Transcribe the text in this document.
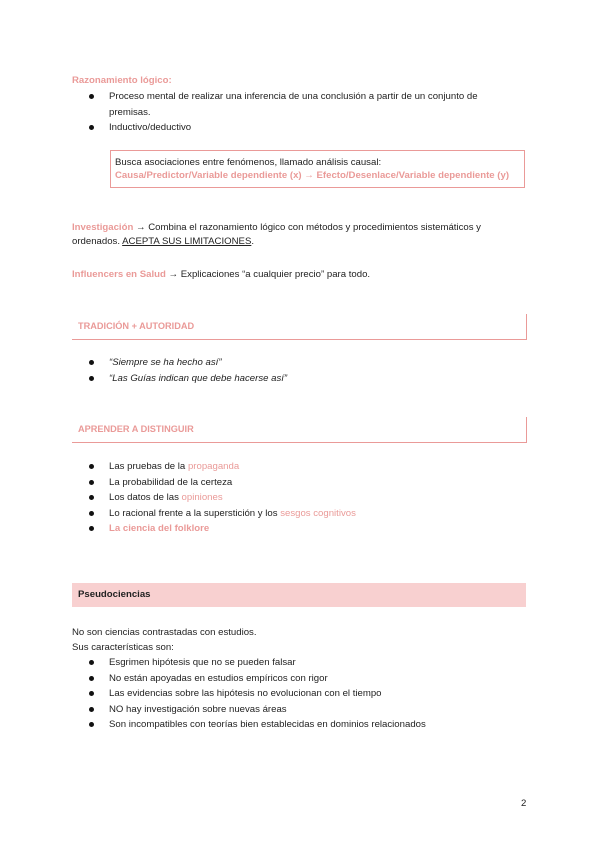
Razonamiento lógico:
Proceso mental de realizar una inferencia de una conclusión a partir de un conjunto de
premisas.
Inductivo/deductivo
Busca asociaciones entre fenómenos, llamado análisis causal:
Causa/Predictor/Variable dependiente (x) → Efecto/Desenlace/Variable dependiente (y)
Investigación → Combina el razonamiento lógico con métodos y procedimientos sistemáticos y
ordenados. ACEPTA SUS LIMITACIONES.
Influencers en Salud → Explicaciones “a cualquier precio” para todo.
TRADICIÓN + AUTORIDAD
“Siempre se ha hecho así”
“Las Guías indican que debe hacerse así”
APRENDER A DISTINGUIR
Las pruebas de la propaganda
La probabilidad de la certeza
Los datos de las opiniones
Lo racional frente a la superstición y los sesgos cognitivos
La ciencia del folklore
Pseudociencias
No son ciencias contrastadas con estudios.
Sus características son:
Esgrimen hipótesis que no se pueden falsar
No están apoyadas en estudios empíricos con rigor
Las evidencias sobre las hipótesis no evolucionan con el tiempo
NO hay investigación sobre nuevas áreas
Son incompatibles con teorías bien establecidas en dominios relacionados
2
